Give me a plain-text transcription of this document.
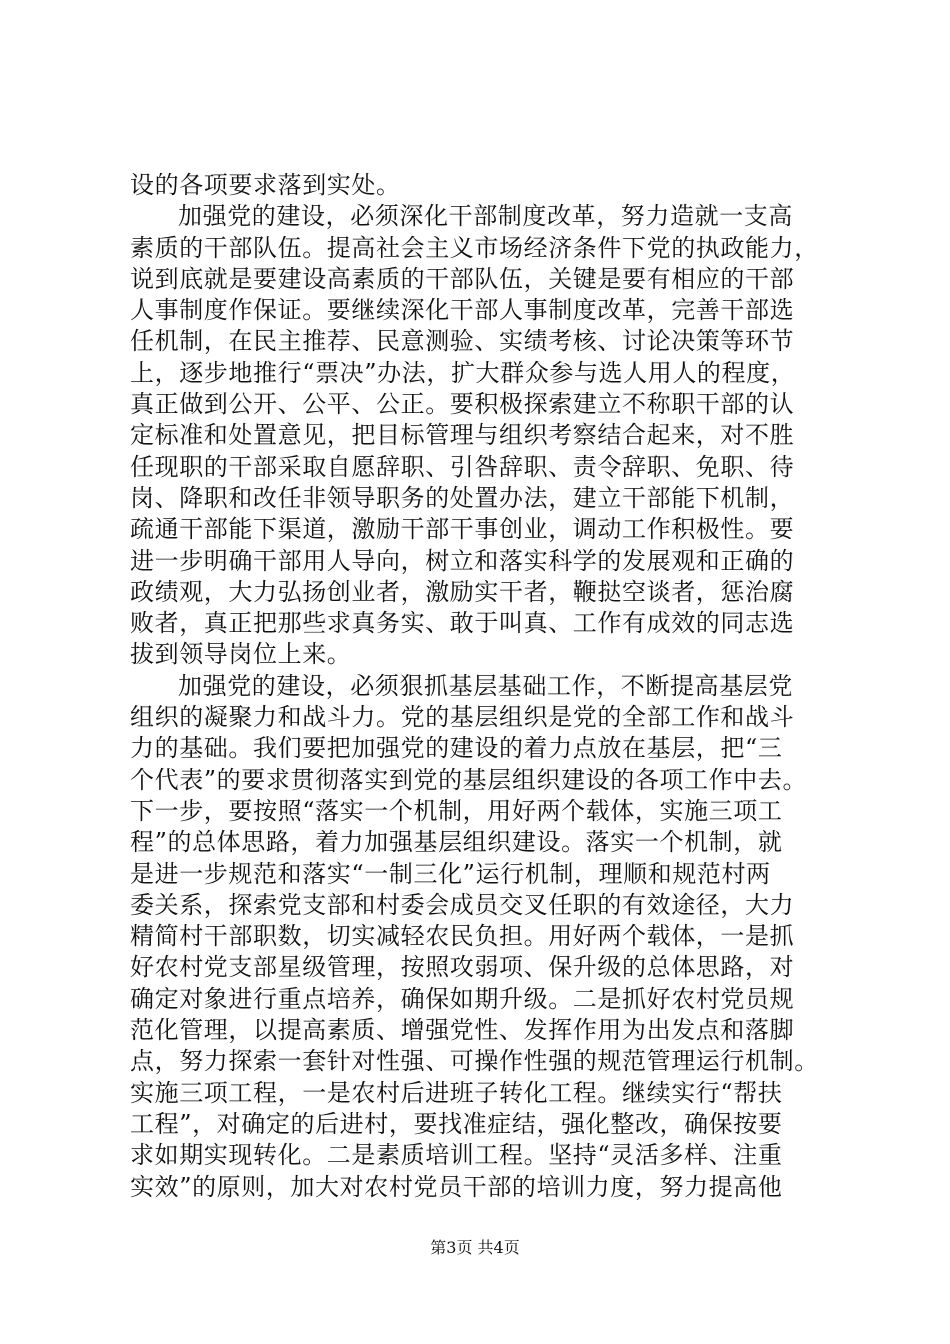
设的各项要求落到实处。
加强党的建设，必须深化干部制度改革，努力造就一支高
素质的干部队伍。提高社会主义市场经济条件下党的执政能力，
说到底就是要建设高素质的干部队伍，关键是要有相应的干部
人事制度作保证。要继续深化干部人事制度改革，完善干部选
任机制，在民主推荐、民意测验、实绩考核、讨论决策等环节
上，逐步地推行“票决”办法，扩大群众参与选人用人的程度，
真正做到公开、公平、公正。要积极探索建立不称职干部的认
定标准和处置意见，把目标管理与组织考察结合起来，对不胜
任现职的干部采取自愿辞职、引咎辞职、责令辞职、免职、待
岗、降职和改任非领导职务的处置办法，建立干部能下机制，
疏通干部能下渠道，激励干部干事创业，调动工作积极性。要
进一步明确干部用人导向，树立和落实科学的发展观和正确的
政绩观，大力弘扬创业者，激励实干者，鞭挞空谈者，惩治腐
败者，真正把那些求真务实、敢于叫真、工作有成效的同志选
拔到领导岗位上来。
加强党的建设，必须狠抓基层基础工作，不断提高基层党
组织的凝聚力和战斗力。党的基层组织是党的全部工作和战斗
力的基础。我们要把加强党的建设的着力点放在基层，把“三
个代表”的要求贯彻落实到党的基层组织建设的各项工作中去。
下一步，要按照“落实一个机制，用好两个载体，实施三项工
程”的总体思路，着力加强基层组织建设。落实一个机制，就
是进一步规范和落实“一制三化”运行机制，理顺和规范村两
委关系，探索党支部和村委会成员交叉任职的有效途径，大力
精简村干部职数，切实减轻农民负担。用好两个载体，一是抓
好农村党支部星级管理，按照攻弱项、保升级的总体思路，对
确定对象进行重点培养，确保如期升级。二是抓好农村党员规
范化管理，以提高素质、增强党性、发挥作用为出发点和落脚
点，努力探索一套针对性强、可操作性强的规范管理运行机制。
实施三项工程，一是农村后进班子转化工程。继续实行“帮扶
工程”，对确定的后进村，要找准症结，强化整改，确保按要
求如期实现转化。二是素质培训工程。坚持“灵活多样、注重
实效”的原则，加大对农村党员干部的培训力度，努力提高他
第3页 共4页
